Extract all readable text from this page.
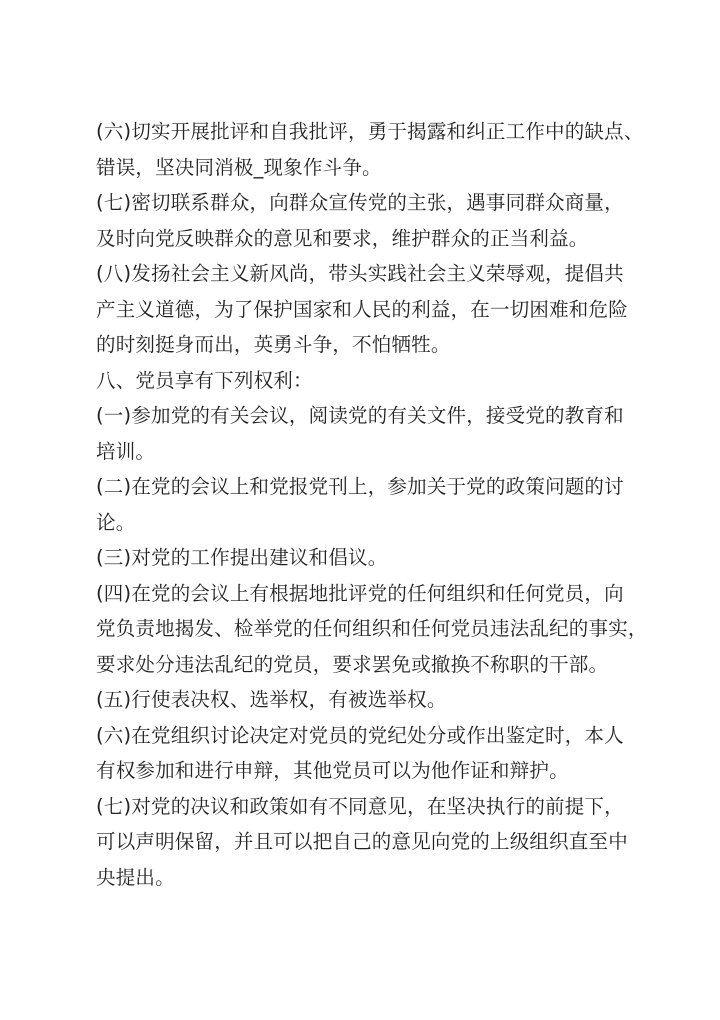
(六)切实开展批评和自我批评，勇于揭露和纠正工作中的缺点、
错误，坚决同消极_现象作斗争。
(七)密切联系群众，向群众宣传党的主张，遇事同群众商量，
及时向党反映群众的意见和要求，维护群众的正当利益。
(八)发扬社会主义新风尚，带头实践社会主义荣辱观，提倡共
产主义道德，为了保护国家和人民的利益，在一切困难和危险
的时刻挺身而出，英勇斗争，不怕牺牲。
八、党员享有下列权利：
(一)参加党的有关会议，阅读党的有关文件，接受党的教育和
培训。
(二)在党的会议上和党报党刊上，参加关于党的政策问题的讨
论。
(三)对党的工作提出建议和倡议。
(四)在党的会议上有根据地批评党的任何组织和任何党员，向
党负责地揭发、检举党的任何组织和任何党员违法乱纪的事实，
要求处分违法乱纪的党员，要求罢免或撤换不称职的干部。
(五)行使表决权、选举权，有被选举权。
(六)在党组织讨论决定对党员的党纪处分或作出鉴定时，本人
有权参加和进行申辩，其他党员可以为他作证和辩护。
(七)对党的决议和政策如有不同意见，在坚决执行的前提下，
可以声明保留，并且可以把自己的意见向党的上级组织直至中
央提出。
